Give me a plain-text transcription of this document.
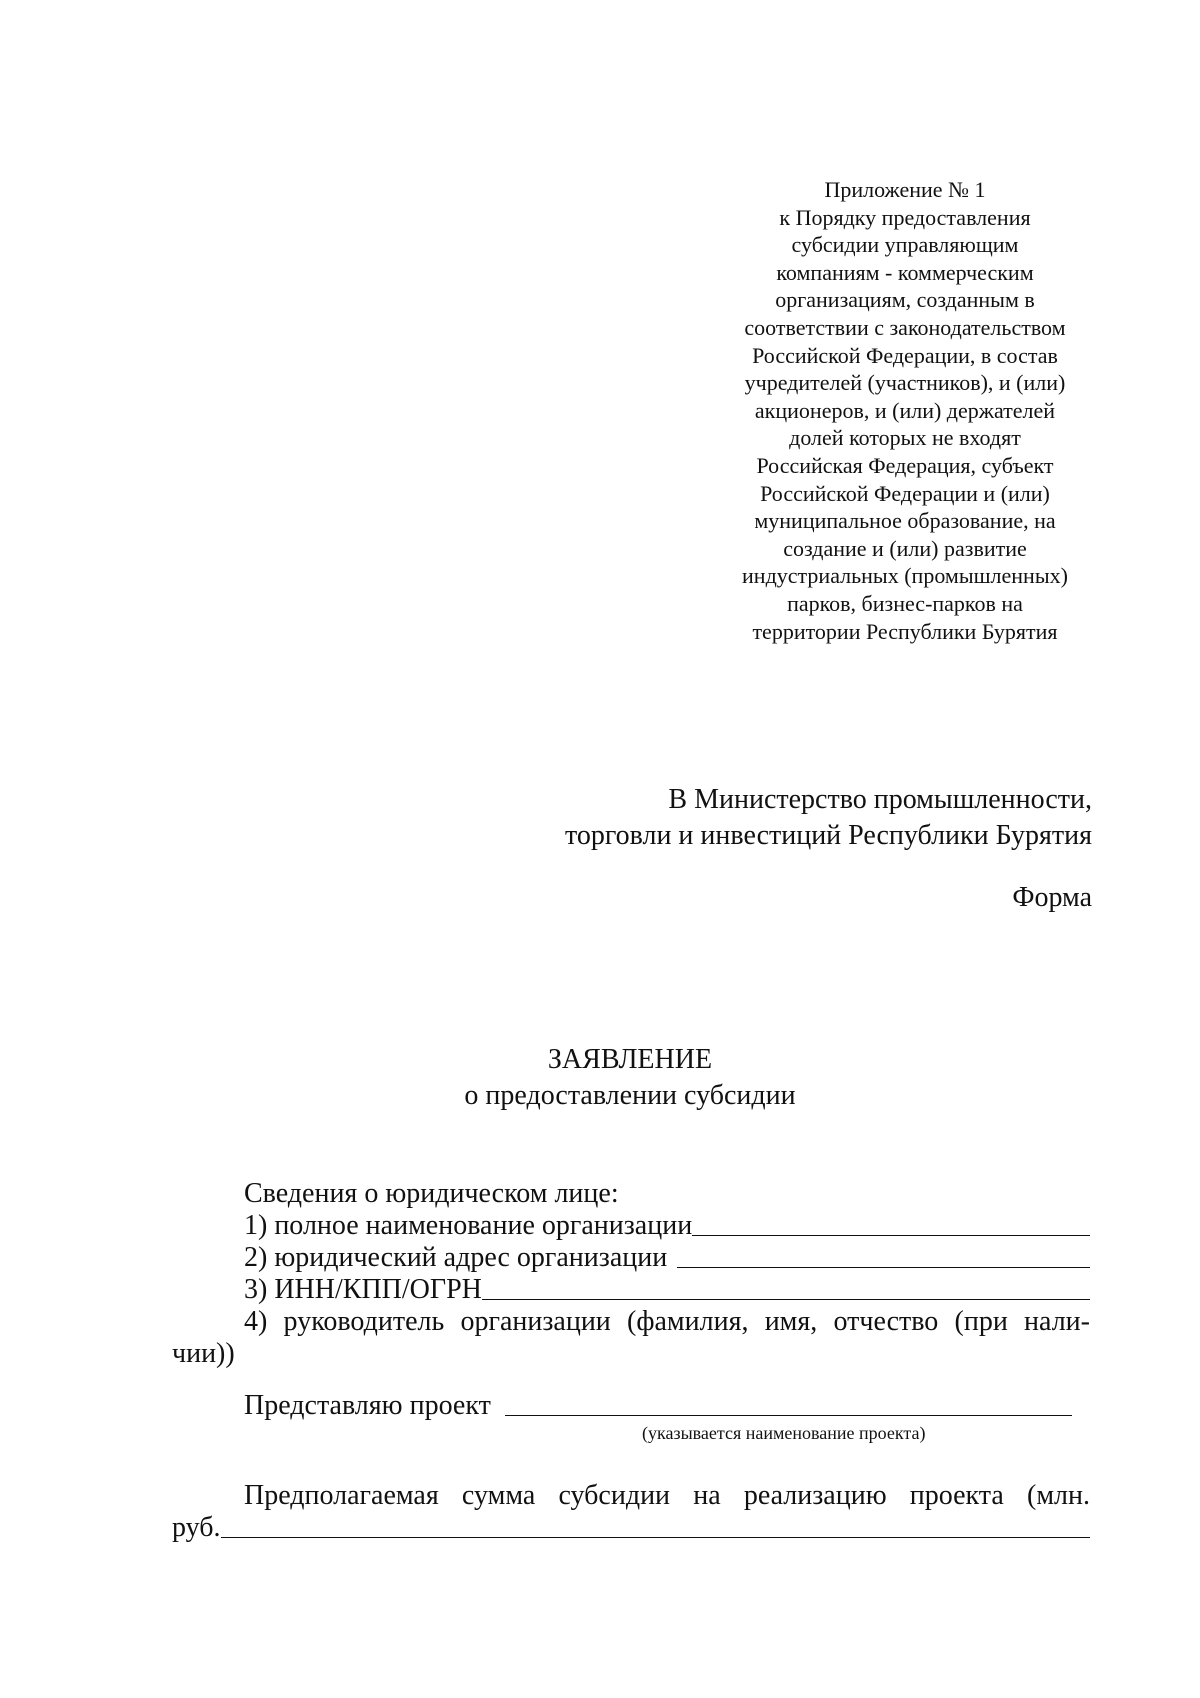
Приложение № 1
к Порядку предоставления
субсидии управляющим
компаниям - коммерческим
организациям, созданным в
соответствии с законодательством
Российской Федерации, в состав
учредителей (участников), и (или)
акционеров, и (или) держателей
долей которых не входят
Российская Федерация, субъект
Российской Федерации и (или)
муниципальное образование, на
создание и (или) развитие
индустриальных (промышленных)
парков, бизнес-парков на
территории Республики Бурятия
В Министерство промышленности,
торговли и инвестиций Республики Бурятия
Форма
ЗАЯВЛЕНИЕ
о предоставлении субсидии
Сведения о юридическом лице:
1) полное наименование организации
2) юридический адрес организации
3) ИНН/КПП/ОГРН
4) руководитель организации (фамилия, имя, отчество (при нали-
чии))
Представляю проект
(указывается наименование проекта)
Предполагаемая сумма субсидии на реализацию проекта (млн.
руб.
